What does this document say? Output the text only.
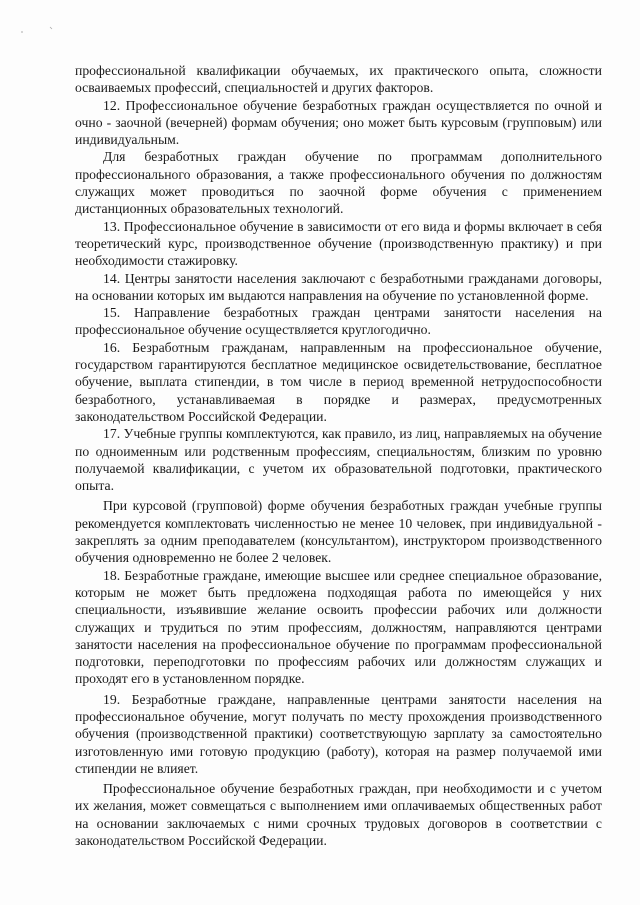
профессиональной квалификации обучаемых, их практического опыта, сложности осваиваемых профессий, специальностей и других факторов.

12. Профессиональное обучение безработных граждан осуществляется по очной и очно - заочной (вечерней) формам обучения; оно может быть курсовым (групповым) или индивидуальным.

Для безработных граждан обучение по программам дополнительного профессионального образования, а также профессионального обучения по должностям служащих может проводиться по заочной форме обучения с применением дистанционных образовательных технологий.

13. Профессиональное обучение в зависимости от его вида и формы включает в себя теоретический курс, производственное обучение (производственную практику) и при необходимости стажировку.

14. Центры занятости населения заключают с безработными гражданами договоры, на основании которых им выдаются направления на обучение по установленной форме.

15. Направление безработных граждан центрами занятости населения на профессиональное обучение осуществляется круглогодично.

16. Безработным гражданам, направленным на профессиональное обучение, государством гарантируются бесплатное медицинское освидетельствование, бесплатное обучение, выплата стипендии, в том числе в период временной нетрудоспособности безработного, устанавливаемая в порядке и размерах, предусмотренных законодательством Российской Федерации.

17. Учебные группы комплектуются, как правило, из лиц, направляемых на обучение по одноименным или родственным профессиям, специальностям, близким по уровню получаемой квалификации, с учетом их образовательной подготовки, практического опыта.

При курсовой (групповой) форме обучения безработных граждан учебные группы рекомендуется комплектовать численностью не менее 10 человек, при индивидуальной - закреплять за одним преподавателем (консультантом), инструктором производственного обучения одновременно не более 2 человек.

18. Безработные граждане, имеющие высшее или среднее специальное образование, которым не может быть предложена подходящая работа по имеющейся у них специальности, изъявившие желание освоить профессии рабочих или должности служащих и трудиться по этим профессиям, должностям, направляются центрами занятости населения на профессиональное обучение по программам профессиональной подготовки, переподготовки по профессиям рабочих или должностям служащих и проходят его в установленном порядке.

19. Безработные граждане, направленные центрами занятости населения на профессиональное обучение, могут получать по месту прохождения производственного обучения (производственной практики) соответствующую зарплату за самостоятельно изготовленную ими готовую продукцию (работу), которая на размер получаемой ими стипендии не влияет.

Профессиональное обучение безработных граждан, при необходимости и с учетом их желания, может совмещаться с выполнением ими оплачиваемых общественных работ на основании заключаемых с ними срочных трудовых договоров в соответствии с законодательством Российской Федерации.
